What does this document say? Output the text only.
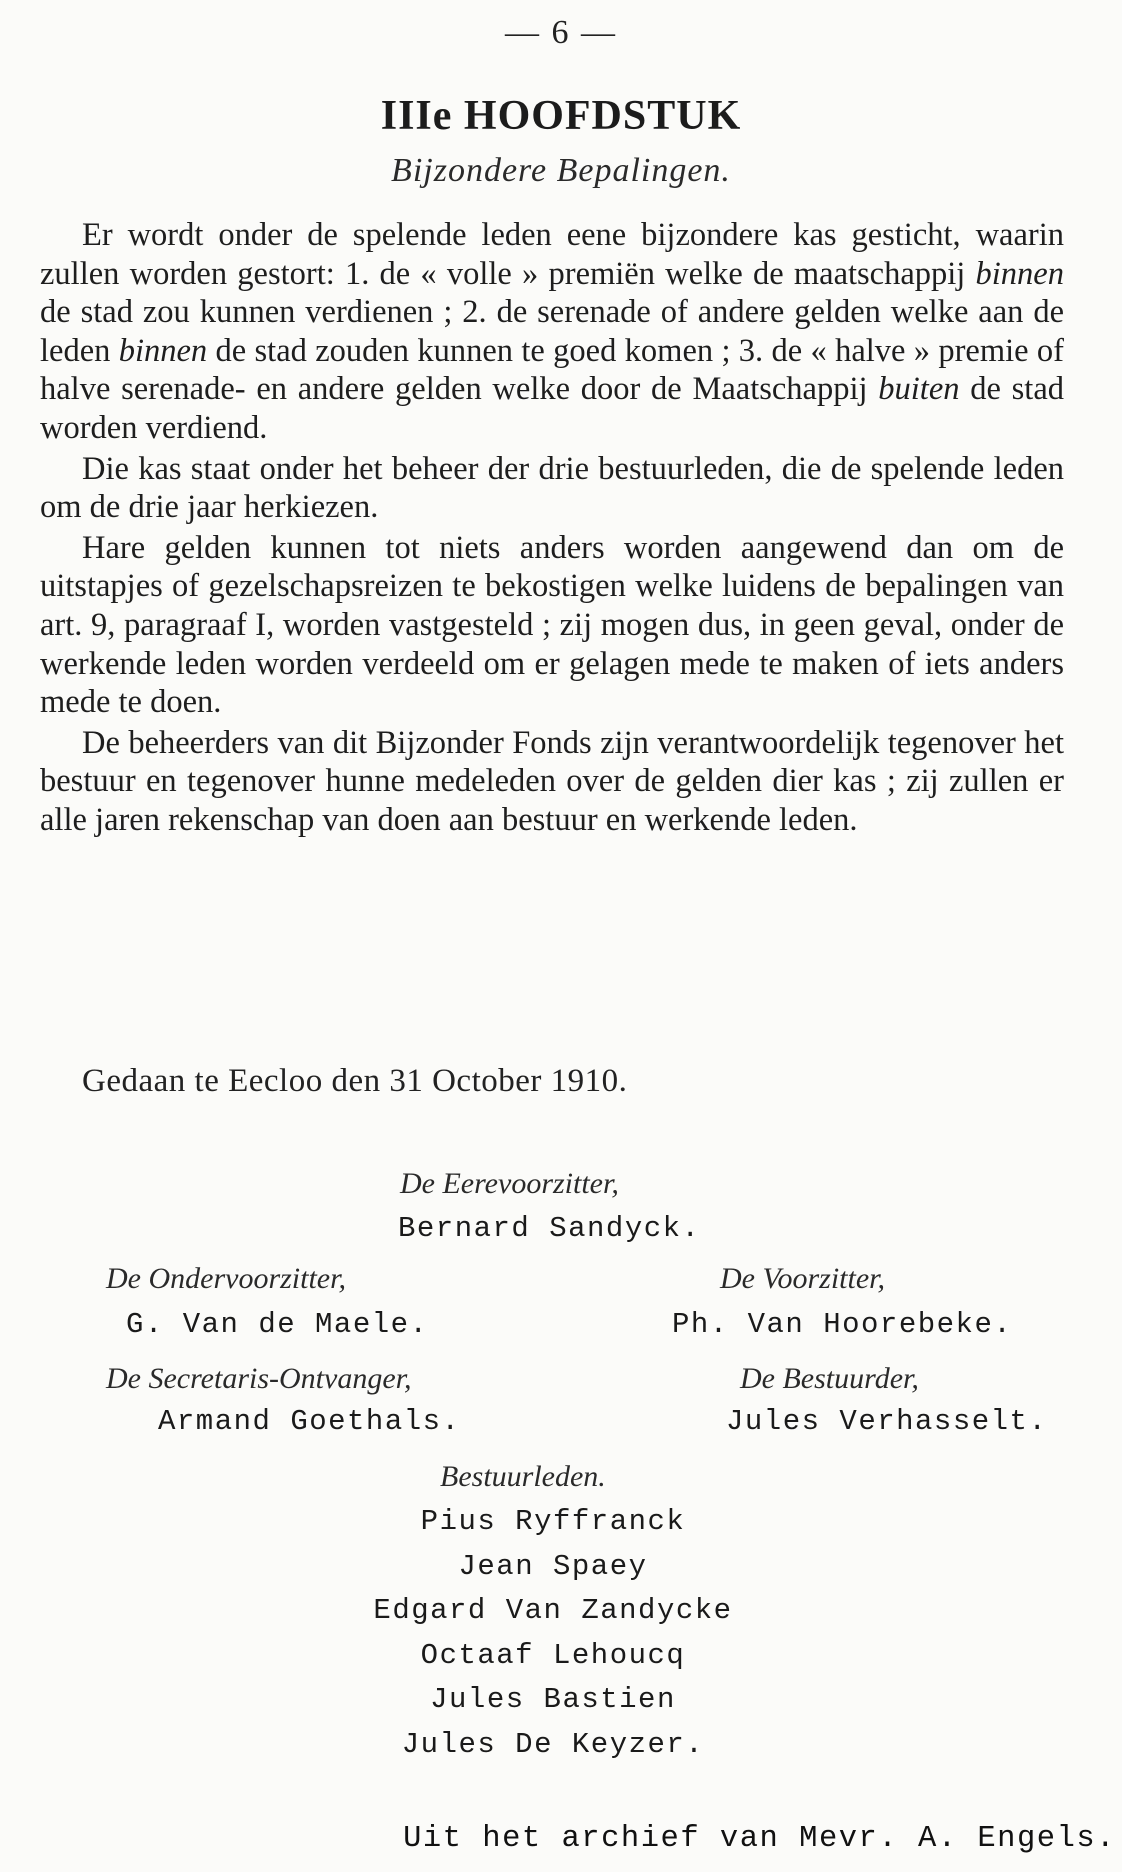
— 6 —
IIIe HOOFDSTUK
Bijzondere Bepalingen.

Er wordt onder de spelende leden eene bijzondere kas gesticht, waarin zullen worden gestort: 1. de « volle » premiën welke de maatschappij binnen de stad zou kunnen verdienen ; 2. de serenade of andere gelden welke aan de leden binnen de stad zouden kunnen te goed komen ; 3. de « halve » premie of halve serenade- en andere gelden welke door de Maatschappij buiten de stad worden verdiend.

Die kas staat onder het beheer der drie bestuurleden, die de spelende leden om de drie jaar herkiezen.

Hare gelden kunnen tot niets anders worden aangewend dan om de uitstapjes of gezelschapsreizen te bekostigen welke luidens de bepalingen van art. 9, paragraaf I, worden vastgesteld ; zij mogen dus, in geen geval, onder de werkende leden worden verdeeld om er gelagen mede te maken of iets anders mede te doen.

De beheerders van dit Bijzonder Fonds zijn verantwoordelijk tegenover het bestuur en tegenover hunne medeleden over de gelden dier kas ; zij zullen er alle jaren rekenschap van doen aan bestuur en werkende leden.

Gedaan te Eecloo den 31 October 1910.
De Eerevoorzitter,
Bernard Sandyck.
De Ondervoorzitter,
G. Van de Maele.
De Voorzitter,
Ph. Van Hoorebeke.
De Secretaris-Ontvanger,
Armand Goethals.
De Bestuurder,
Jules Verhasselt.
Bestuurleden.
Pius Ryffranck
Jean Spaey
Edgard Van Zandycke
Octaaf Lehoucq
Jules Bastien
Jules De Keyzer.
Uit het archief van Mevr. A. Engels.
